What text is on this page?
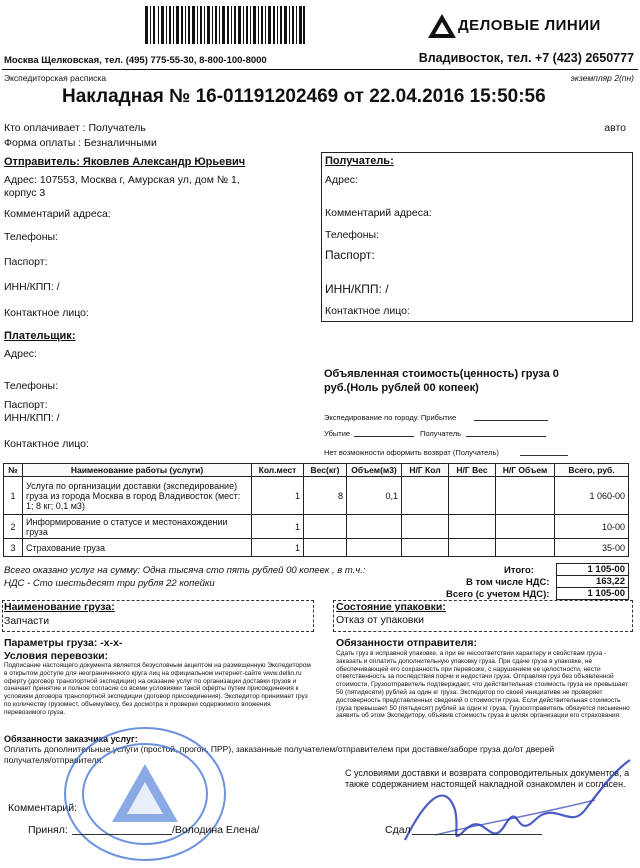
ДЕЛОВЫЕ ЛИНИИ
Москва Щелковская, тел. (495) 775-55-30, 8-800-100-8000	Владивосток, тел. +7 (423) 2650777
Экспедиторская расписка	экземпляр 2(пн)
Накладная № 16-01191202469 от 22.04.2016 15:50:56
Кто оплачивает : Получатель
Форма оплаты : Безналичными
авто
Отправитель: Яковлев Александр Юрьевич
Адрес: 107553, Москва г, Амурская ул, дом № 1, корпус 3
Комментарий адреса:
Телефоны:
Паспорт:
ИНН/КПП: /
Контактное лицо:
Получатель:
Адрес:
Комментарий адреса:
Телефоны:
Паспорт:
ИНН/КПП: /
Контактное лицо:
Плательщик:
Адрес:
Телефоны:
Паспорт:
ИНН/КПП: /
Контактное лицо:
Объявленная стоимость(ценность) груза 0 руб.(Ноль рублей 00 копеек)
Экспедирование по городу. Прибытие
Убытие	Получатель
Нет возможности оформить возврат (Получатель)
№	Наименование работы (услуги)	Кол.мест	Вес(кг)	Объем(м3)	Н/Г Кол	Н/Г Вес	Н/Г Объем	Всего, руб.
1	Услуга по организации доставки (экспедирование) груза из города Москва в город Владивосток (мест: 1; 8 кг; 0,1 м3)	1	8	0,1				1 060-00
2	Информирование о статусе и местонахождении груза	1						10-00
3	Страхование груза	1						35-00
Всего оказано услуг на сумму: Одна тысяча сто пять рублей 00 копеек , в т.ч.:
НДС - Сто шестьдесят три рубля 22 копейки
Итого:	1 105-00
В том числе НДС:	163,22
Всего (с учетом НДС):	1 105-00
Наименование груза:
Запчасти
Состояние упаковки:
Отказ от упаковки
Параметры груза: -х-х-
Условия перевозки:
Подписание настоящего документа является безусловным акцептом на размещенную Экспедитором в открытом доступе для неограниченного круга лиц на официальном интернет-сайте www.dellin.ru оферту (договор транспортной экспедиции) на оказание услуг по организации доставки грузов и означает принятие и полное согласие со всеми условиями такой оферты путем присоединения к условиям договора транспортной экспедиции (договор присоединения). Экспедитор принимает груз по количеству грузомест, объему/весу, без досмотра и проверки содержимого вложения перевозимого груза.
Обязанности отправителя:
Сдать груз в исправной упаковке, а при ее несоответствии характеру и свойствам груза - заказать и оплатить дополнительную упаковку груза. При сдаче груза в упаковке, не обеспечивающей его сохранность при перевозке, с нарушением ее целостности, нести ответственность за последствия порчи и недостачи груза. Отправляя груз без объявленной стоимости, Грузоотправитель подтверждает, что действительная стоимость груза не превышает 50 (пятидесяти) рублей за один кг груза. Экспедитор по своей инициативе не проверяет достоверность представленных сведений о стоимости груза. Если действительная стоимость груза превышает 50 (пятьдесят) рублей за один кг груза, Грузоотправитель обязуется письменно заявить об этом Экспедитору, объявив стоимость груза в целях организации его страхования.
Обязанности заказчика услуг:
Оплатить дополнительные услуги (простой, прогон, ПРР), заказанные получателем/отправителем при доставке/заборе груза до/от дверей получателя/отправителя.
С условиями доставки и возврата сопроводительных документов, а также содержанием настоящей накладной ознакомлен и согласен.
Комментарий:
Принял:	/Володина Елена/	Сдал
